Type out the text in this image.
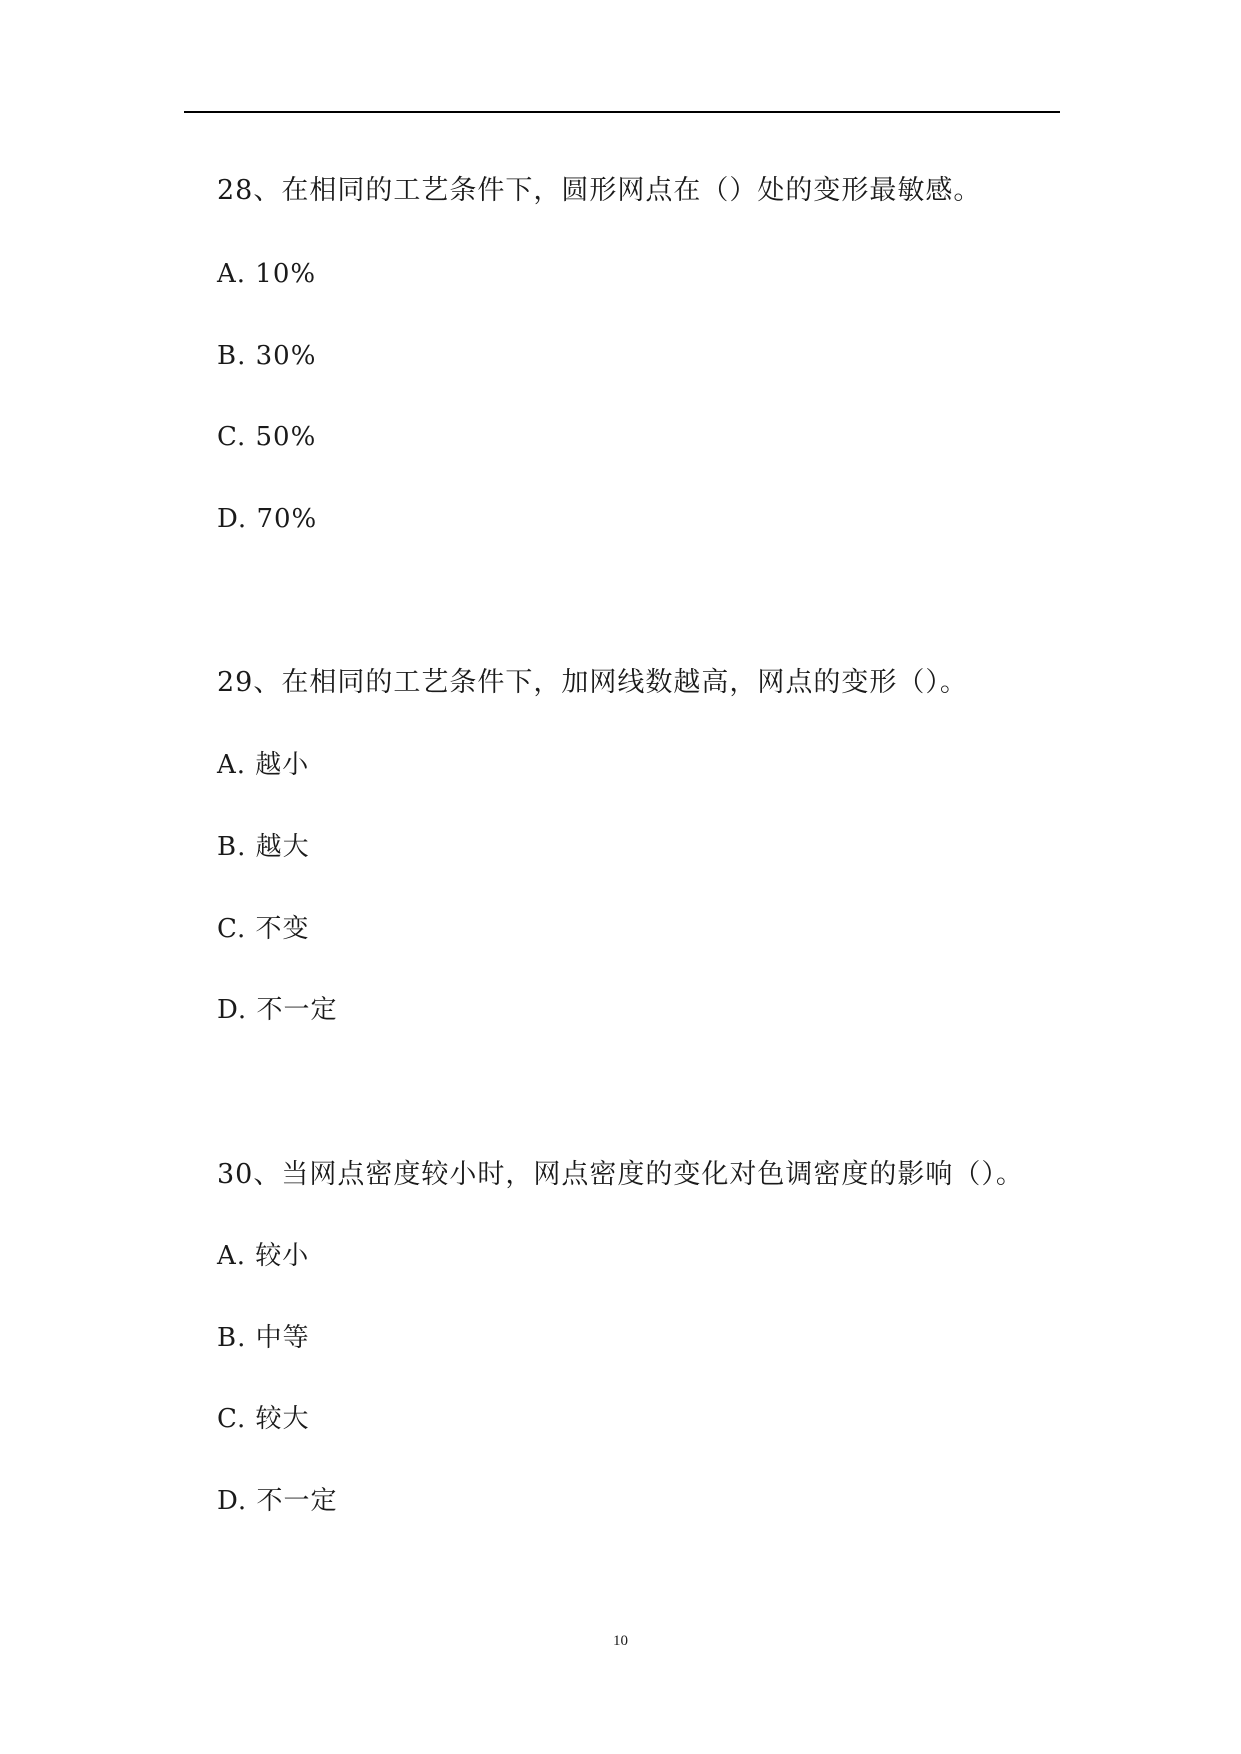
28、在相同的工艺条件下，圆形网点在（）处的变形最敏感。
A. 10%
B. 30%
C. 50%
D. 70%
29、在相同的工艺条件下，加网线数越高，网点的变形（）。
A. 越小
B. 越大
C. 不变
D. 不一定
30、当网点密度较小时，网点密度的变化对色调密度的影响（）。
A. 较小
B. 中等
C. 较大
D. 不一定
10
